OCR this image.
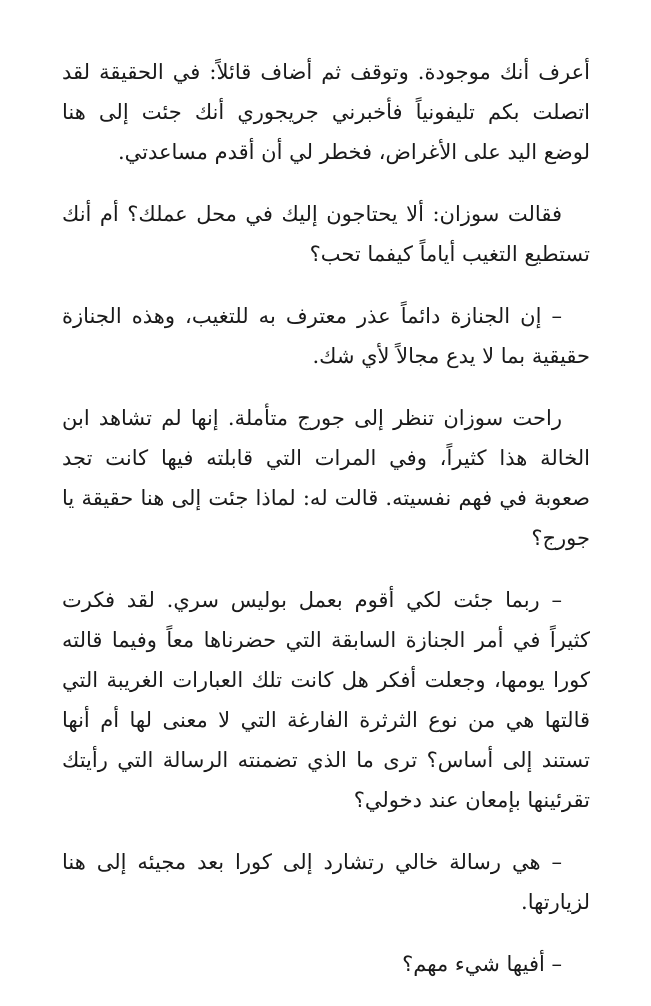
أعرف أنك موجودة. وتوقف ثم أضاف قائلاً: في الحقيقة لقد اتصلت بكم تليفونياً فأخبرني جريجوري أنك جئت إلى هنا لوضع اليد على الأغراض، فخطر لي أن أقدم مساعدتي.

فقالت سوزان: ألا يحتاجون إليك في محل عملك؟ أم أنك تستطيع التغيب أياماً كيفما تحب؟

– إن الجنازة دائماً عذر معترف به للتغيب، وهذه الجنازة حقيقية بما لا يدع مجالاً لأي شك.

راحت سوزان تنظر إلى جورج متأملة. إنها لم تشاهد ابن الخالة هذا كثيراً، وفي المرات التي قابلته فيها كانت تجد صعوبة في فهم نفسيته. قالت له: لماذا جئت إلى هنا حقيقة يا جورج؟

– ربما جئت لكي أقوم بعمل بوليس سري. لقد فكرت كثيراً في أمر الجنازة السابقة التي حضرناها معاً وفيما قالته كورا يومها، وجعلت أفكر هل كانت تلك العبارات الغريبة التي قالتها هي من نوع الثرثرة الفارغة التي لا معنى لها أم أنها تستند إلى أساس؟ ترى ما الذي تضمنته الرسالة التي رأيتك تقرئينها بإمعان عند دخولي؟

– هي رسالة خالي رتشارد إلى كورا بعد مجيئه إلى هنا لزيارتها.

– أفيها شيء مهم؟
